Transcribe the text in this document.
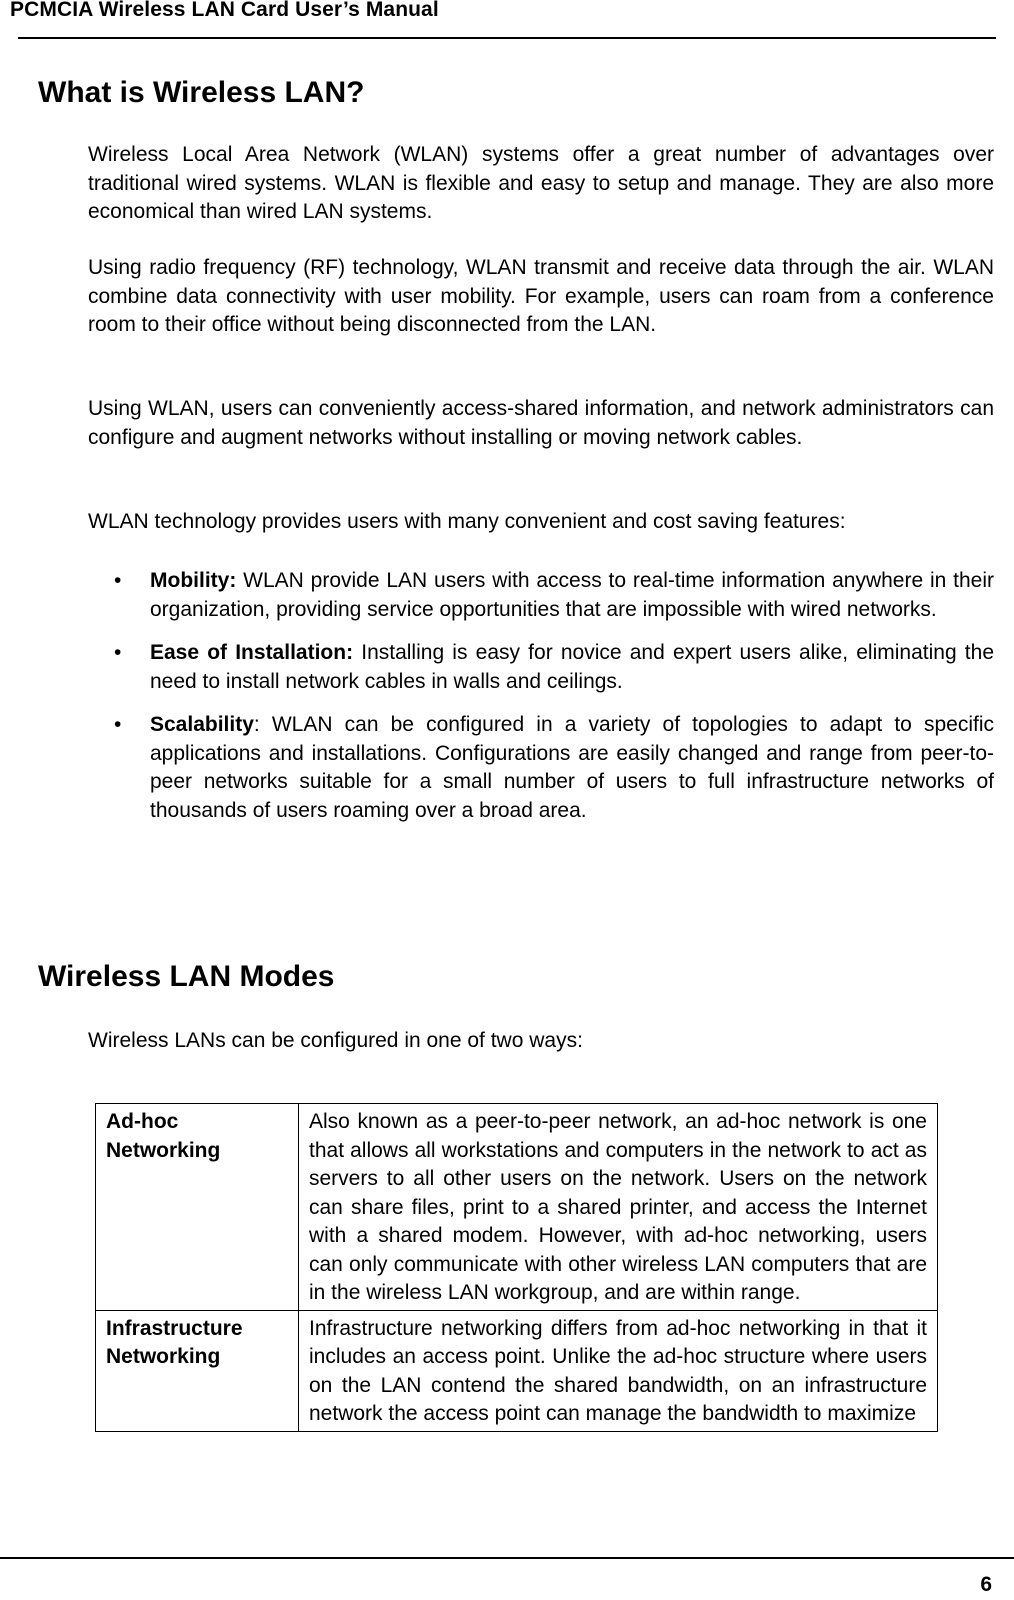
PCMCIA Wireless LAN Card User’s Manual
What is Wireless LAN?

Wireless Local Area Network (WLAN) systems offer a great number of advantages over traditional wired systems. WLAN is flexible and easy to setup and manage. They are also more economical than wired LAN systems.

Using radio frequency (RF) technology, WLAN transmit and receive data through the air. WLAN combine data connectivity with user mobility. For example, users can roam from a conference room to their office without being disconnected from the LAN.

Using WLAN, users can conveniently access-shared information, and network administrators can configure and augment networks without installing or moving network cables.

WLAN technology provides users with many convenient and cost saving features:

• Mobility: WLAN provide LAN users with access to real-time information anywhere in their organization, providing service opportunities that are impossible with wired networks.
• Ease of Installation: Installing is easy for novice and expert users alike, eliminating the need to install network cables in walls and ceilings.
• Scalability: WLAN can be configured in a variety of topologies to adapt to specific applications and installations. Configurations are easily changed and range from peer-to-peer networks suitable for a small number of users to full infrastructure networks of thousands of users roaming over a broad area.
Wireless LAN Modes

Wireless LANs can be configured in one of two ways:

Ad-hoc Networking	Also known as a peer-to-peer network, an ad-hoc network is one that allows all workstations and computers in the network to act as servers to all other users on the network. Users on the network can share files, print to a shared printer, and access the Internet with a shared modem. However, with ad-hoc networking, users can only communicate with other wireless LAN computers that are in the wireless LAN workgroup, and are within range.
Infrastructure Networking	Infrastructure networking differs from ad-hoc networking in that it includes an access point. Unlike the ad-hoc structure where users on the LAN contend the shared bandwidth, on an infrastructure network the access point can manage the bandwidth to maximize
6
